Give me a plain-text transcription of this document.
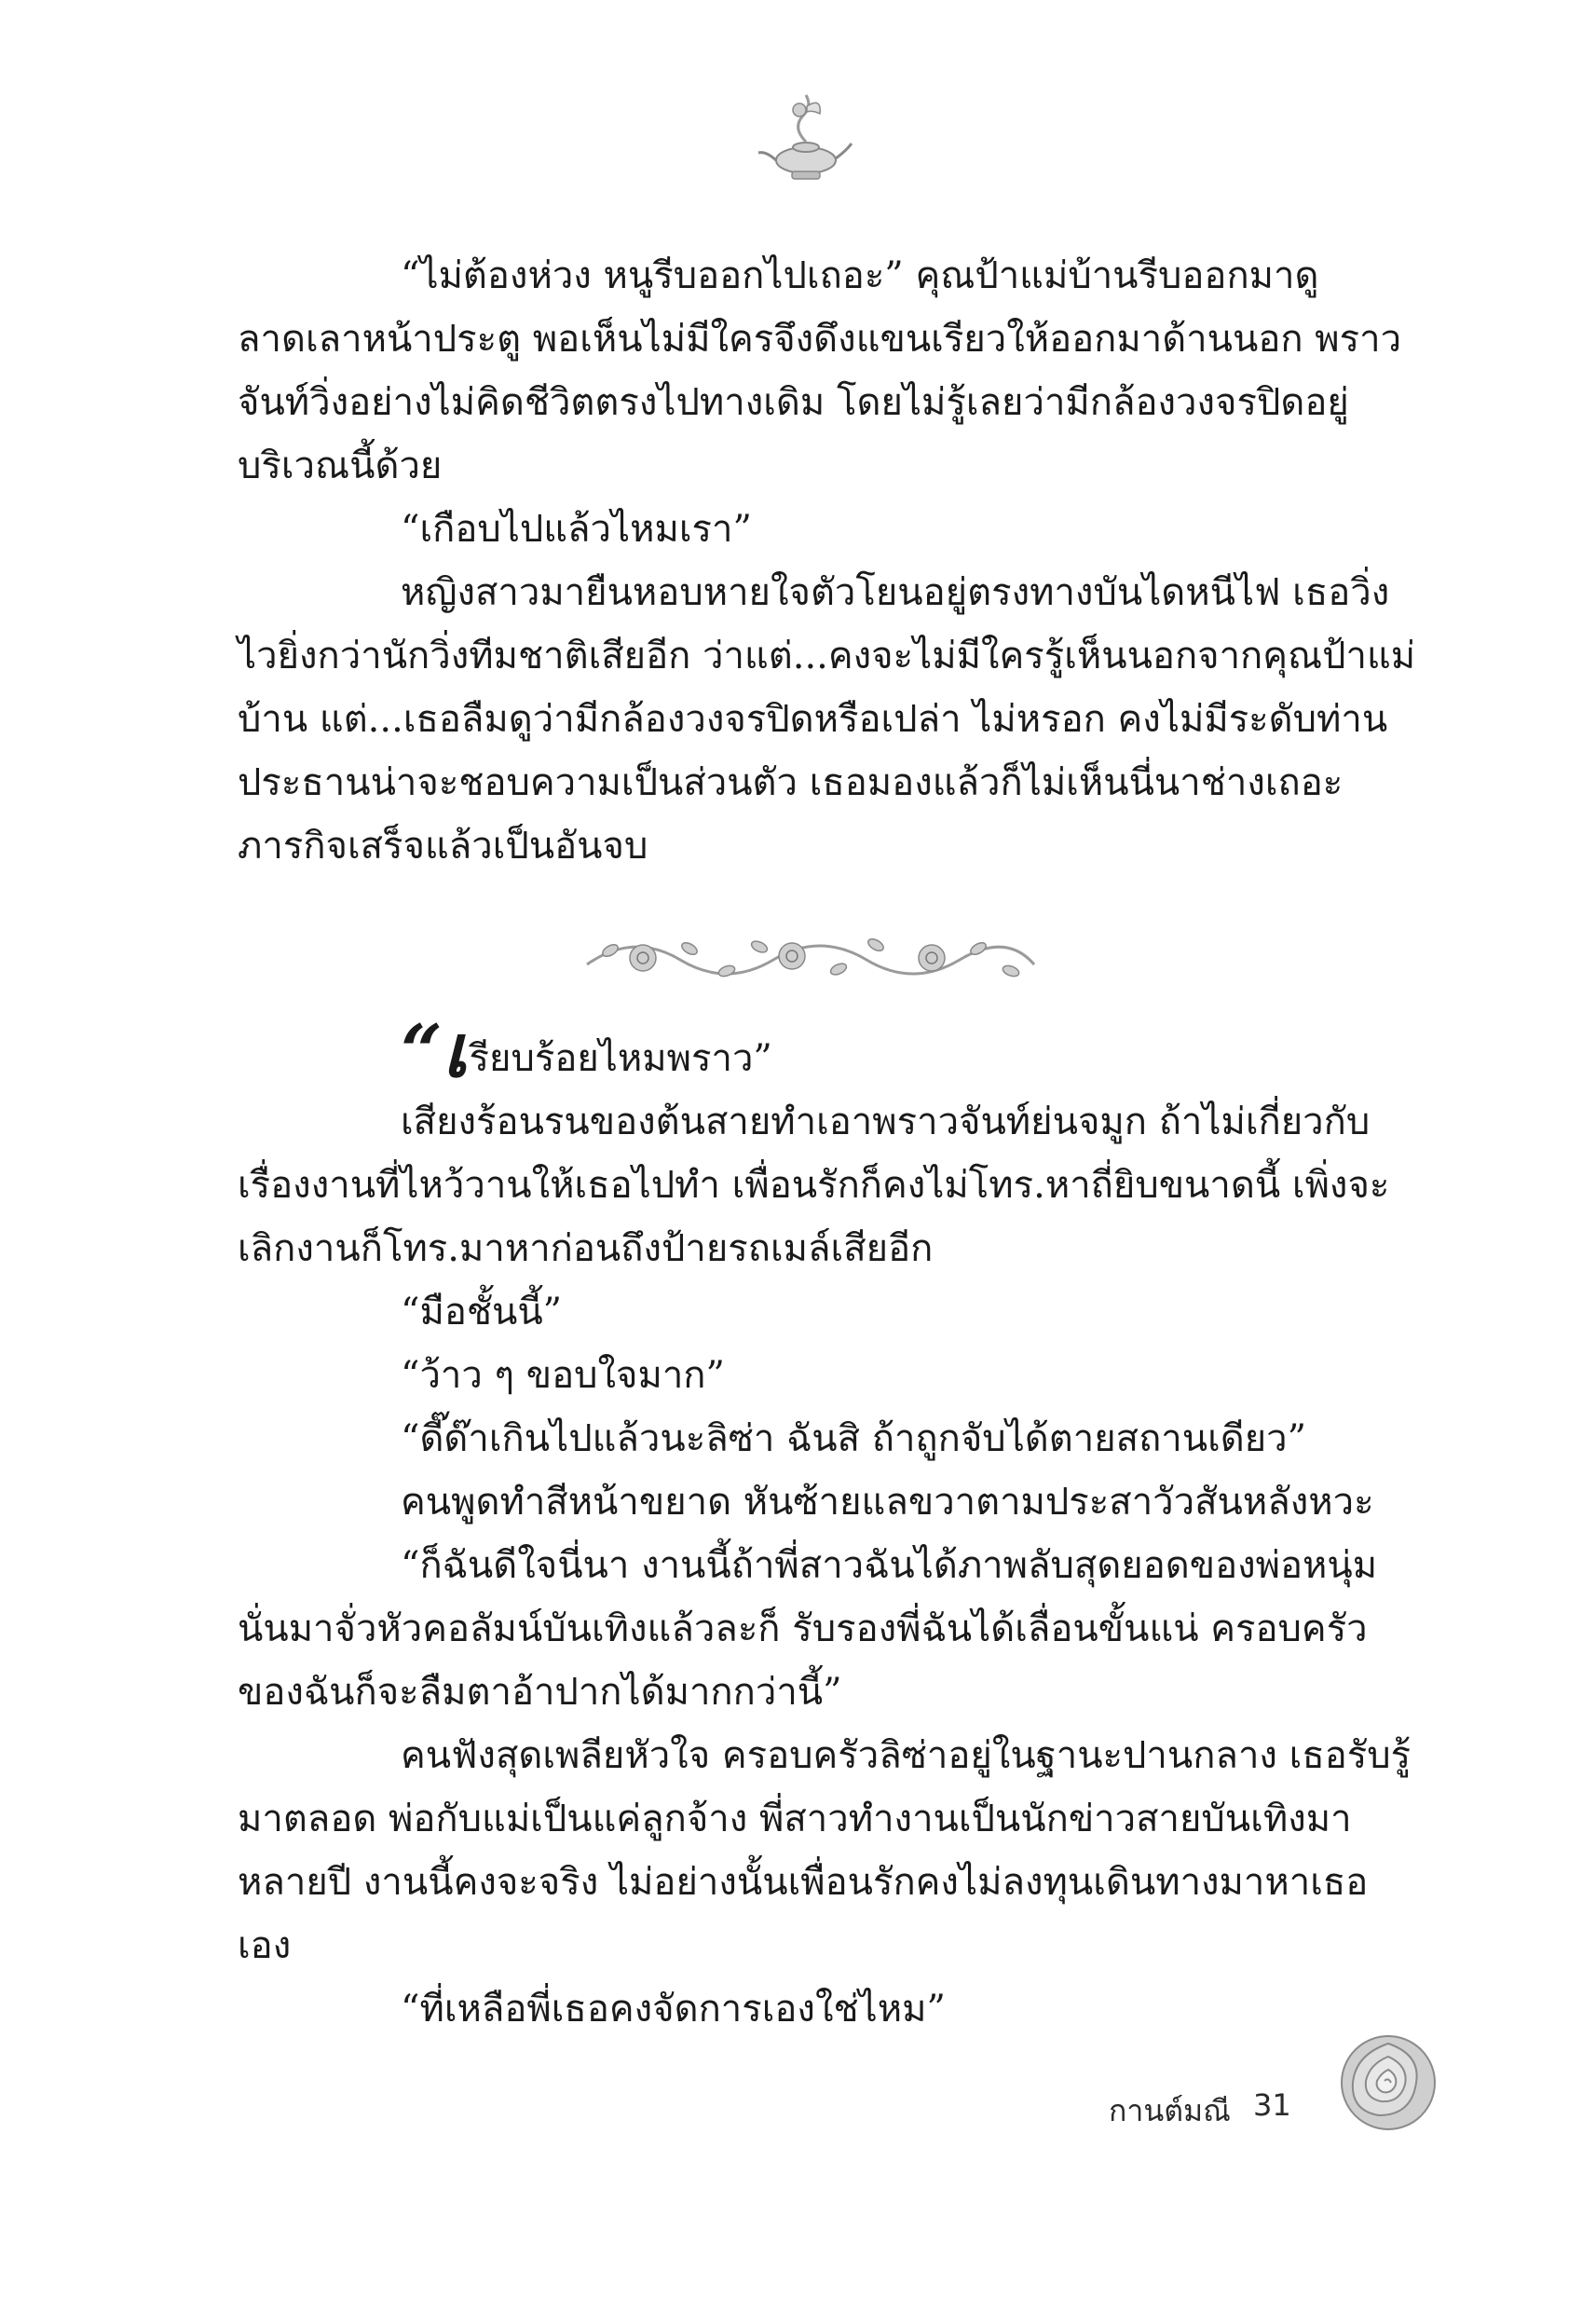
“ไม่ต้องห่วง หนูรีบออกไปเถอะ” คุณป้าแม่บ้านรีบออกมาดูลาดเลาหน้าประตู พอเห็นไม่มีใครจึงดึงแขนเรียวให้ออกมาด้านนอก พราวจันท์วิ่งอย่างไม่คิดชีวิตตรงไปทางเดิม โดยไม่รู้เลยว่ามีกล้องวงจรปิดอยู่บริเวณนี้ด้วย

“เกือบไปแล้วไหมเรา”

หญิงสาวมายืนหอบหายใจตัวโยนอยู่ตรงทางบันไดหนีไฟ เธอวิ่งไวยิ่งกว่านักวิ่งทีมชาติเสียอีก ว่าแต่...คงจะไม่มีใครรู้เห็นนอกจากคุณป้าแม่บ้าน แต่...เธอลืมดูว่ามีกล้องวงจรปิดหรือเปล่า ไม่หรอก คงไม่มีระดับท่านประธานน่าจะชอบความเป็นส่วนตัว เธอมองแล้วก็ไม่เห็นนี่นาช่างเถอะ ภารกิจเสร็จแล้วเป็นอันจบ

“เรียบร้อยไหมพราว”

เสียงร้อนรนของต้นสายทำเอาพราวจันท์ย่นจมูก ถ้าไม่เกี่ยวกับเรื่องงานที่ไหว้วานให้เธอไปทำ เพื่อนรักก็คงไม่โทร.หาถี่ยิบขนาดนี้ เพิ่งจะเลิกงานก็โทร.มาหาก่อนถึงป้ายรถเมล์เสียอีก

“มือชั้นนี้”

“ว้าว ๆ ขอบใจมาก”

“ดี๊ด๊าเกินไปแล้วนะลิซ่า ฉันสิ ถ้าถูกจับได้ตายสถานเดียว”

คนพูดทำสีหน้าขยาด หันซ้ายแลขวาตามประสาวัวสันหลังหวะ

“ก็ฉันดีใจนี่นา งานนี้ถ้าพี่สาวฉันได้ภาพลับสุดยอดของพ่อหนุ่มนั่นมาจั่วหัวคอลัมน์บันเทิงแล้วละก็ รับรองพี่ฉันได้เลื่อนขั้นแน่ ครอบครัวของฉันก็จะลืมตาอ้าปากได้มากกว่านี้”

คนฟังสุดเพลียหัวใจ ครอบครัวลิซ่าอยู่ในฐานะปานกลาง เธอรับรู้มาตลอด พ่อกับแม่เป็นแค่ลูกจ้าง พี่สาวทำงานเป็นนักข่าวสายบันเทิงมาหลายปี งานนี้คงจะจริง ไม่อย่างนั้นเพื่อนรักคงไม่ลงทุนเดินทางมาหาเธอเอง

“ที่เหลือพี่เธอคงจัดการเองใช่ไหม”

กานต์มณี 31
